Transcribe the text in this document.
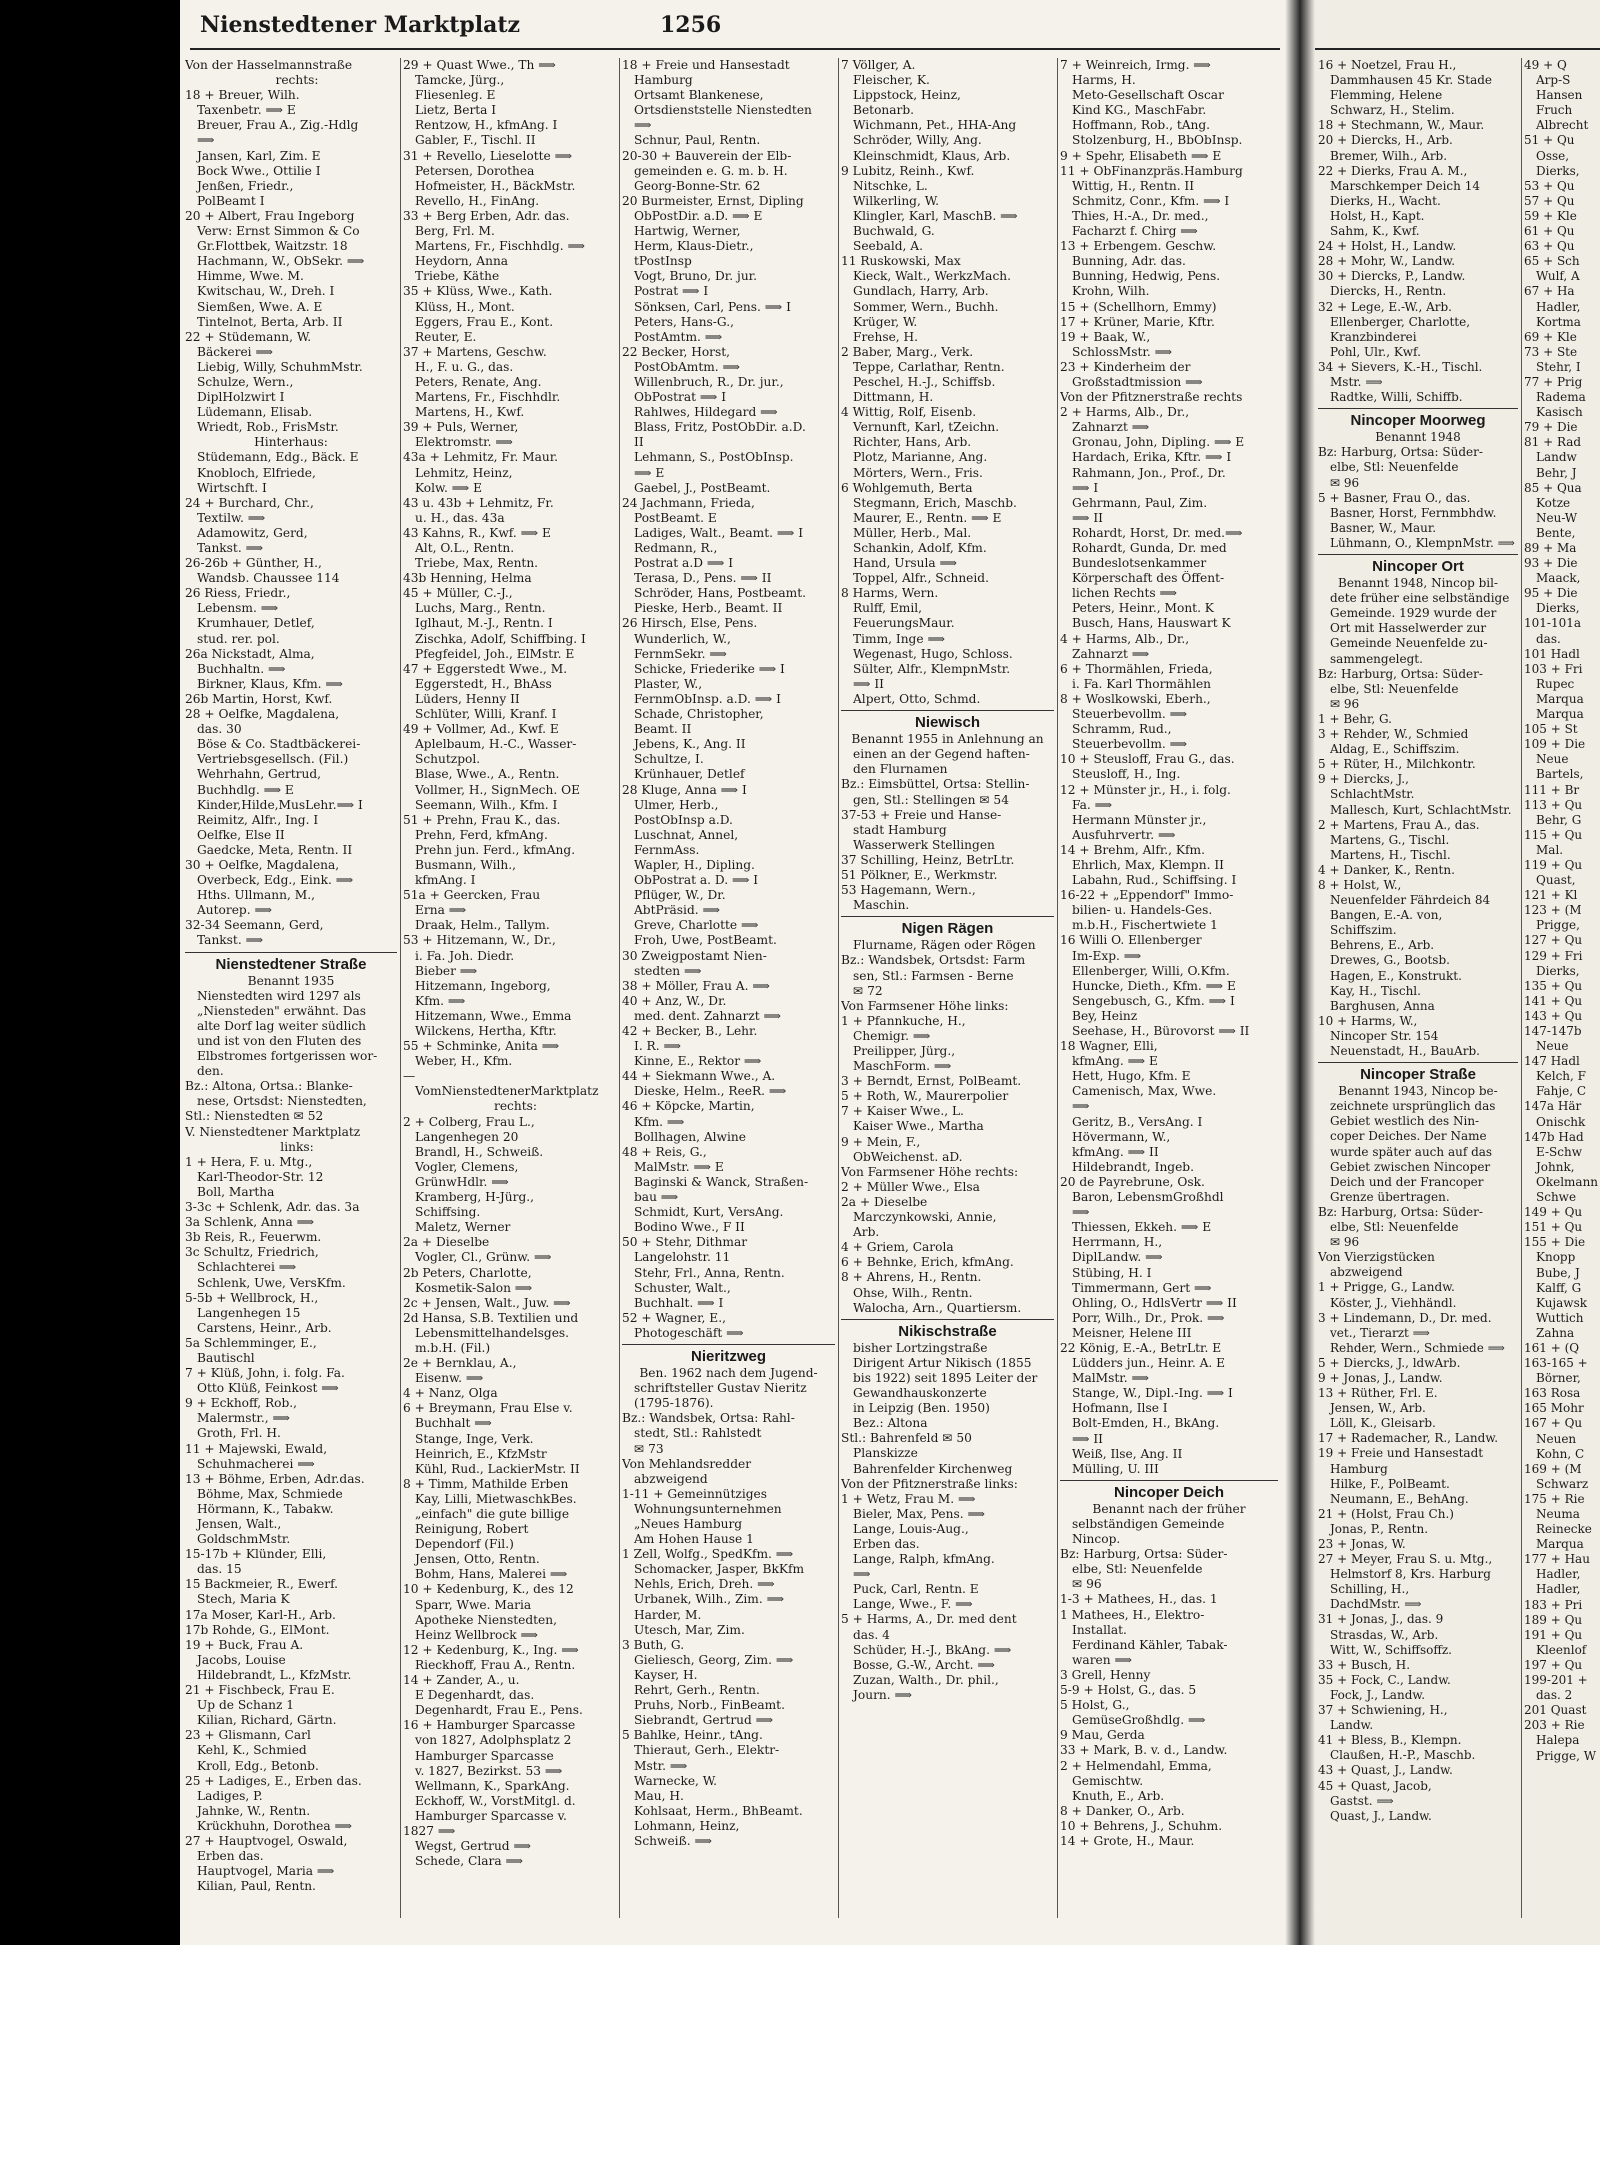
Nienstedtener Marktplatz	1256
Von der Hasselmannstraße
rechts:
18 + Breuer, Wilh.
Taxenbetr. ⟹ E
Breuer, Frau A., Zig.-Hdlg
⟹
Jansen, Karl, Zim. E
Bock Wwe., Ottilie I
Jenßen, Friedr.,
PolBeamt I
20 + Albert, Frau Ingeborg
Verw: Ernst Simmon & Co
Gr.Flottbek, Waitzstr. 18
Hachmann, W., ObSekr. ⟹
Himme, Wwe. M.
Kwitschau, W., Dreh. I
Siemßen, Wwe. A. E
Tintelnot, Berta, Arb. II
22 + Stüdemann, W.
Bäckerei ⟹
Liebig, Willy, SchuhmMstr.
Schulze, Wern.,
DiplHolzwirt I
Lüdemann, Elisab.
Wriedt, Rob., FrisMstr.
Hinterhaus:
Stüdemann, Edg., Bäck. E
Knobloch, Elfriede,
Wirtschft. I
24 + Burchard, Chr.,
Textilw. ⟹
Adamowitz, Gerd,
Tankst. ⟹
26-26b + Günther, H.,
Wandsb. Chaussee 114
26 Riess, Friedr.,
Lebensm. ⟹
Krumhauer, Detlef,
stud. rer. pol.
26a Nickstadt, Alma,
Buchhaltn. ⟹
Birkner, Klaus, Kfm. ⟹
26b Martin, Horst, Kwf.
28 + Oelfke, Magdalena,
das. 30
Böse & Co. Stadtbäckerei-
Vertriebsgesellsch. (Fil.)
Wehrhahn, Gertrud,
Buchhdlg. ⟹ E
Kinder,Hilde,MusLehr.⟹ I
Reimitz, Alfr., Ing. I
Oelfke, Else II
Gaedcke, Meta, Rentn. II
30 + Oelfke, Magdalena,
Overbeck, Edg., Eink. ⟹
Hths. Ullmann, M.,
Autorep. ⟹
32-34 Seemann, Gerd,
Tankst. ⟹
Nienstedtener Straße
Benannt 1935
Nienstedten wird 1297 als
„Niensteden" erwähnt. Das
alte Dorf lag weiter südlich
und ist von den Fluten des
Elbstromes fortgerissen wor-
den.
Bz.: Altona, Ortsa.: Blanke-
nese, Ortsdst: Nienstedten,
Stl.: Nienstedten ✉ 52
V. Nienstedtener Marktplatz
links:
1 + Hera, F. u. Mtg.,
Karl-Theodor-Str. 12
Boll, Martha
3-3c + Schlenk, Adr. das. 3a
3a Schlenk, Anna ⟹
3b Reis, R., Feuerwm.
3c Schultz, Friedrich,
Schlachterei ⟹
Schlenk, Uwe, VersKfm.
5-5b + Wellbrock, H.,
Langenhegen 15
Carstens, Heinr., Arb.
5a Schlemminger, E.,
Bautischl
7 + Klüß, John, i. folg. Fa.
Otto Klüß, Feinkost ⟹
9 + Eckhoff, Rob.,
Malermstr., ⟹
Groth, Frl. H.
11 + Majewski, Ewald,
Schuhmacherei ⟹
13 + Böhme, Erben, Adr.das.
Böhme, Max, Schmiede
Hörmann, K., Tabakw.
Jensen, Walt.,
GoldschmMstr.
15-17b + Klünder, Elli,
das. 15
15 Backmeier, R., Ewerf.
Stech, Maria K
17a Moser, Karl-H., Arb.
17b Rohde, G., ElMont.
19 + Buck, Frau A.
Jacobs, Louise
Hildebrandt, L., KfzMstr.
21 + Fischbeck, Frau E.
Up de Schanz 1
Kilian, Richard, Gärtn.
23 + Glismann, Carl
Kehl, K., Schmied
Kroll, Edg., Betonb.
25 + Ladiges, E., Erben das.
Ladiges, P.
Jahnke, W., Rentn.
Krückhuhn, Dorothea ⟹
27 + Hauptvogel, Oswald,
Erben das.
Hauptvogel, Maria ⟹
Kilian, Paul, Rentn.
29 + Quast Wwe., Th ⟹
Tamcke, Jürg.,
Fliesenleg. E
Lietz, Berta I
Rentzow, H., kfmAng. I
Gabler, F., Tischl. II
31 + Revello, Lieselotte ⟹
Petersen, Dorothea
Hofmeister, H., BäckMstr.
Revello, H., FinAng.
33 + Berg Erben, Adr. das.
Berg, Frl. M.
Martens, Fr., Fischhdlg. ⟹
Heydorn, Anna
Triebe, Käthe
35 + Klüss, Wwe., Kath.
Klüss, H., Mont.
Eggers, Frau E., Kont.
Reuter, E.
37 + Martens, Geschw.
H., F. u. G., das.
Peters, Renate, Ang.
Martens, Fr., Fischhdlr.
Martens, H., Kwf.
39 + Puls, Werner,
Elektromstr. ⟹
43a + Lehmitz, Fr. Maur.
Lehmitz, Heinz,
Kolw. ⟹ E
43 u. 43b + Lehmitz, Fr.
u. H., das. 43a
43 Kahns, R., Kwf. ⟹ E
Alt, O.L., Rentn.
Triebe, Max, Rentn.
43b Henning, Helma
45 + Müller, C.-J.,
Luchs, Marg., Rentn.
Iglhaut, M.-J., Rentn. I
Zischka, Adolf, Schiffbing. I
Pfegfeidel, Joh., ElMstr. E
47 + Eggerstedt Wwe., M.
Eggerstedt, H., BhAss
Lüders, Henny II
Schlüter, Willi, Kranf. I
49 + Vollmer, Ad., Kwf. E
Aplelbaum, H.-C., Wasser-
Schutzpol.
Blase, Wwe., A., Rentn.
Vollmer, H., SignMech. OE
Seemann, Wilh., Kfm. I
51 + Prehn, Frau K., das.
Prehn, Ferd, kfmAng.
Prehn jun. Ferd., kfmAng.
Busmann, Wilh.,
kfmAng. I
51a + Geercken, Frau
Erna ⟹
Draak, Helm., Tallym.
53 + Hitzemann, W., Dr.,
i. Fa. Joh. Diedr.
Bieber ⟹
Hitzemann, Ingeborg,
Kfm. ⟹
Hitzemann, Wwe., Emma
Wilckens, Hertha, Kftr.
55 + Schminke, Anita ⟹
Weber, H., Kfm.
—
VomNienstedtenerMarktplatz
rechts:
2 + Colberg, Frau L.,
Langenhegen 20
Brandl, H., Schweiß.
Vogler, Clemens,
GrünwHdlr. ⟹
Kramberg, H-Jürg.,
Schiffsing.
Maletz, Werner
2a + Dieselbe
Vogler, Cl., Grünw. ⟹
2b Peters, Charlotte,
Kosmetik-Salon ⟹
2c + Jensen, Walt., Juw. ⟹
2d Hansa, S.B. Textilien und
Lebensmittelhandelsges.
m.b.H. (Fil.)
2e + Bernklau, A.,
Eisenw. ⟹
4 + Nanz, Olga
6 + Breymann, Frau Else v.
Buchhalt ⟹
Stange, Inge, Verk.
Heinrich, E., KfzMstr
Kühl, Rud., LackierMstr. II
8 + Timm, Mathilde Erben
Kay, Lilli, MietwaschkBes.
„einfach" die gute billige
Reinigung, Robert
Dependorf (Fil.)
Jensen, Otto, Rentn.
Bohm, Hans, Malerei ⟹
10 + Kedenburg, K., des 12
Sparr, Wwe. Maria
Apotheke Nienstedten,
Heinz Wellbrock ⟹
12 + Kedenburg, K., Ing. ⟹
Rieckhoff, Frau A., Rentn.
14 + Zander, A., u.
E Degenhardt, das.
Degenhardt, Frau E., Pens.
16 + Hamburger Sparcasse
von 1827, Adolphsplatz 2
Hamburger Sparcasse
v. 1827, Bezirkst. 53 ⟹
Wellmann, K., SparkAng.
Eckhoff, W., VorstMitgl. d.
Hamburger Sparcasse v.
1827 ⟹
Wegst, Gertrud ⟹
Schede, Clara ⟹
18 + Freie und Hansestadt
Hamburg
Ortsamt Blankenese,
Ortsdienststelle Nienstedten
⟹
Schnur, Paul, Rentn.
20-30 + Bauverein der Elb-
gemeinden e. G. m. b. H.
Georg-Bonne-Str. 62
20 Burmeister, Ernst, Dipling
ObPostDir. a.D. ⟹ E
Hartwig, Werner,
Herm, Klaus-Dietr.,
tPostInsp
Vogt, Bruno, Dr. jur.
Postrat ⟹ I
Sönksen, Carl, Pens. ⟹ I
Peters, Hans-G.,
PostAmtm. ⟹
22 Becker, Horst,
PostObAmtm. ⟹
Willenbruch, R., Dr. jur.,
ObPostrat ⟹ I
Rahlwes, Hildegard ⟹
Blass, Fritz, PostObDir. a.D.
II
Lehmann, S., PostObInsp.
⟹ E
Gaebel, J., PostBeamt.
24 Jachmann, Frieda,
PostBeamt. E
Ladiges, Walt., Beamt. ⟹ I
Redmann, R.,
Postrat a.D ⟹ I
Terasa, D., Pens. ⟹ II
Schröder, Hans, Postbeamt.
Pieske, Herb., Beamt. II
26 Hirsch, Else, Pens.
Wunderlich, W.,
FernmSekr. ⟹
Schicke, Friederike ⟹ I
Plaster, W.,
FernmObInsp. a.D. ⟹ I
Schade, Christopher,
Beamt. II
Jebens, K., Ang. II
Schultze, I.
Krünhauer, Detlef
28 Kluge, Anna ⟹ I
Ulmer, Herb.,
PostObInsp a.D.
Luschnat, Annel,
FernmAss.
Wapler, H., Dipling.
ObPostrat a. D. ⟹ I
Pflüger, W., Dr.
AbtPräsid. ⟹
Greve, Charlotte ⟹
Froh, Uwe, PostBeamt.
30 Zweigpostamt Nien-
stedten ⟹
38 + Möller, Frau A. ⟹
40 + Anz, W., Dr.
med. dent. Zahnarzt ⟹
42 + Becker, B., Lehr.
I. R. ⟹
Kinne, E., Rektor ⟹
44 + Siekmann Wwe., A.
Dieske, Helm., ReeR. ⟹
46 + Köpcke, Martin,
Kfm. ⟹
Bollhagen, Alwine
48 + Reis, G.,
MalMstr. ⟹ E
Baginski & Wanck, Straßen-
bau ⟹
Schmidt, Kurt, VersAng.
Bodino Wwe., F II
50 + Stehr, Dithmar
Langelohstr. 11
Stehr, Frl., Anna, Rentn.
Schuster, Walt.,
Buchhalt. ⟹ I
52 + Wagner, E.,
Photogeschäft ⟹
Nieritzweg
Ben. 1962 nach dem Jugend-
schriftsteller Gustav Nieritz
(1795-1876).
Bz.: Wandsbek, Ortsa: Rahl-
stedt, Stl.: Rahlstedt
✉ 73
Von Mehlandsredder
abzweigend
1-11 + Gemeinnütziges
Wohnungsunternehmen
„Neues Hamburg
Am Hohen Hause 1
1 Zell, Wolfg., SpedKfm. ⟹
Schomacker, Jasper, BkKfm
Nehls, Erich, Dreh. ⟹
Urbanek, Wilh., Zim. ⟹
Harder, M.
Utesch, Mar, Zim.
3 Buth, G.
Gieliesch, Georg, Zim. ⟹
Kayser, H.
Rehrt, Gerh., Rentn.
Pruhs, Norb., FinBeamt.
Siebrandt, Gertrud ⟹
5 Bahlke, Heinr., tAng.
Thieraut, Gerh., Elektr-
Mstr. ⟹
Warnecke, W.
Mau, H.
Kohlsaat, Herm., BhBeamt.
Lohmann, Heinz,
Schweiß. ⟹
7 Völlger, A.
Fleischer, K.
Lippstock, Heinz,
Betonarb.
Wichmann, Pet., HHA-Ang
Schröder, Willy, Ang.
Kleinschmidt, Klaus, Arb.
9 Lubitz, Reinh., Kwf.
Nitschke, L.
Wilkerling, W.
Klingler, Karl, MaschB. ⟹
Buchwald, G.
Seebald, A.
11 Ruskowski, Max
Kieck, Walt., WerkzMach.
Gundlach, Harry, Arb.
Sommer, Wern., Buchh.
Krüger, W.
Frehse, H.
2 Baber, Marg., Verk.
Teppe, Carlathar, Rentn.
Peschel, H.-J., Schiffsb.
Dittmann, H.
4 Wittig, Rolf, Eisenb.
Vernunft, Karl, tZeichn.
Richter, Hans, Arb.
Plotz, Marianne, Ang.
Mörters, Wern., Fris.
6 Wohlgemuth, Berta
Stegmann, Erich, Maschb.
Maurer, E., Rentn. ⟹ E
Müller, Herb., Mal.
Schankin, Adolf, Kfm.
Hand, Ursula ⟹
Toppel, Alfr., Schneid.
8 Harms, Wern.
Rulff, Emil,
FeuerungsMaur.
Timm, Inge ⟹
Wegenast, Hugo, Schloss.
Sülter, Alfr., KlempnMstr.
⟹ II
Alpert, Otto, Schmd.
Niewisch
Benannt 1955 in Anlehnung an
einen an der Gegend haften-
den Flurnamen
Bz.: Eimsbüttel, Ortsa: Stellin-
gen, Stl.: Stellingen ✉ 54
37-53 + Freie und Hanse-
stadt Hamburg
Wasserwerk Stellingen
37 Schilling, Heinz, BetrLtr.
51 Pölkner, E., Werkmstr.
53 Hagemann, Wern.,
Maschin.
Nigen Rägen
Flurname, Rägen oder Rögen
Bz.: Wandsbek, Ortsdst: Farm
sen, Stl.: Farmsen - Berne
✉ 72
Von Farmsener Höhe links:
1 + Pfannkuche, H.,
Chemigr. ⟹
Preilipper, Jürg.,
MaschForm. ⟹
3 + Berndt, Ernst, PolBeamt.
5 + Roth, W., Maurerpolier
7 + Kaiser Wwe., L.
Kaiser Wwe., Martha
9 + Mein, F.,
ObWeichenst. aD.
Von Farmsener Höhe rechts:
2 + Müller Wwe., Elsa
2a + Dieselbe
Marczynkowski, Annie,
Arb.
4 + Griem, Carola
6 + Behnke, Erich, kfmAng.
8 + Ahrens, H., Rentn.
Ohse, Wilh., Rentn.
Walocha, Arn., Quartiersm.
Nikischstraße
bisher Lortzingstraße
Dirigent Artur Nikisch (1855
bis 1922) seit 1895 Leiter der
Gewandhauskonzerte
in Leipzig (Ben. 1950)
Bez.: Altona
Stl.: Bahrenfeld ✉ 50
Planskizze
Bahrenfelder Kirchenweg
Von der Pfitznerstraße links:
1 + Wetz, Frau M. ⟹
Bieler, Max, Pens. ⟹
Lange, Louis-Aug.,
Erben das.
Lange, Ralph, kfmAng.
⟹
Puck, Carl, Rentn. E
Lange, Wwe., F. ⟹
5 + Harms, A., Dr. med dent
das. 4
Schüder, H.-J., BkAng. ⟹
Bosse, G.-W., Archt. ⟹
Zuzan, Walth., Dr. phil.,
Journ. ⟹
7 + Weinreich, Irmg. ⟹
Harms, H.
Meto-Gesellschaft Oscar
Kind KG., MaschFabr.
Hoffmann, Rob., tAng.
Stolzenburg, H., BbObInsp.
9 + Spehr, Elisabeth ⟹ E
11 + ObFinanzpräs.Hamburg
Wittig, H., Rentn. II
Schmitz, Conr., Kfm. ⟹ I
Thies, H.-A., Dr. med.,
Facharzt f. Chirg ⟹
13 + Erbengem. Geschw.
Bunning, Adr. das.
Bunning, Hedwig, Pens.
Krohn, Wilh.
15 + (Schellhorn, Emmy)
17 + Krüner, Marie, Kftr.
19 + Baak, W.,
SchlossMstr. ⟹
23 + Kinderheim der
Großstadtmission ⟹
Von der Pfitznerstraße rechts
2 + Harms, Alb., Dr.,
Zahnarzt ⟹
Gronau, John, Dipling. ⟹ E
Hardach, Erika, Kftr. ⟹ I
Rahmann, Jon., Prof., Dr.
⟹ I
Gehrmann, Paul, Zim.
⟹ II
Rohardt, Horst, Dr. med.⟹
Rohardt, Gunda, Dr. med
Bundeslotsenkammer
Körperschaft des Öffent-
lichen Rechts ⟹
Peters, Heinr., Mont. K
Busch, Hans, Hauswart K
4 + Harms, Alb., Dr.,
Zahnarzt ⟹
6 + Thormählen, Frieda,
i. Fa. Karl Thormählen
8 + Woslkowski, Eberh.,
Steuerbevollm. ⟹
Schramm, Rud.,
Steuerbevollm. ⟹
10 + Steusloff, Frau G., das.
Steusloff, H., Ing.
12 + Münster jr., H., i. folg.
Fa. ⟹
Hermann Münster jr.,
Ausfuhrvertr. ⟹
14 + Brehm, Alfr., Kfm.
Ehrlich, Max, Klempn. II
Labahn, Rud., Schiffsing. I
16-22 + „Eppendorf" Immo-
bilien- u. Handels-Ges.
m.b.H., Fischertwiete 1
16 Willi O. Ellenberger
Im-Exp. ⟹
Ellenberger, Willi, O.Kfm.
Huncke, Dieth., Kfm. ⟹ E
Sengebusch, G., Kfm. ⟹ I
Bey, Heinz
Seehase, H., Bürovorst ⟹ II
18 Wagner, Elli,
kfmAng. ⟹ E
Hett, Hugo, Kfm. E
Camenisch, Max, Wwe.
⟹
Geritz, B., VersAng. I
Hövermann, W.,
kfmAng. ⟹ II
Hildebrandt, Ingeb.
20 de Payrebrune, Osk.
Baron, LebensmGroßhdl
⟹
Thiessen, Ekkeh. ⟹ E
Herrmann, H.,
DiplLandw. ⟹
Stübing, H. I
Timmermann, Gert ⟹
Ohling, O., HdlsVertr ⟹ II
Porr, Wilh., Dr., Prok. ⟹
Meisner, Helene III
22 König, E.-A., BetrLtr. E
Lüdders jun., Heinr. A. E
MalMstr. ⟹
Stange, W., Dipl.-Ing. ⟹ I
Hofmann, Ilse I
Bolt-Emden, H., BkAng.
⟹ II
Weiß, Ilse, Ang. II
Mülling, U. III
Nincoper Deich
Benannt nach der früher
selbständigen Gemeinde
Nincop.
Bz: Harburg, Ortsa: Süder-
elbe, Stl: Neuenfelde
✉ 96
1-3 + Mathees, H., das. 1
1 Mathees, H., Elektro-
Installat.
Ferdinand Kähler, Tabak-
waren ⟹
3 Grell, Henny
5-9 + Holst, G., das. 5
5 Holst, G.,
GemüseGroßhdlg. ⟹
9 Mau, Gerda
33 + Mark, B. v. d., Landw.
2 + Helmendahl, Emma,
Gemischtw.
Knuth, E., Arb.
8 + Danker, O., Arb.
10 + Behrens, J., Schuhm.
14 + Grote, H., Maur.
16 + Noetzel, Frau H.,
Dammhausen 45 Kr. Stade
Flemming, Helene
Schwarz, H., Stelim.
18 + Stechmann, W., Maur.
20 + Diercks, H., Arb.
Bremer, Wilh., Arb.
22 + Dierks, Frau A. M.,
Marschkemper Deich 14
Dierks, H., Wacht.
Holst, H., Kapt.
Sahm, K., Kwf.
24 + Holst, H., Landw.
28 + Mohr, W., Landw.
30 + Diercks, P., Landw.
Diercks, H., Rentn.
32 + Lege, E.-W., Arb.
Ellenberger, Charlotte,
Kranzbinderei
Pohl, Ulr., Kwf.
34 + Sievers, K.-H., Tischl.
Mstr. ⟹
Radtke, Willi, Schiffb.
Nincoper Moorweg
Benannt 1948
Bz: Harburg, Ortsa: Süder-
elbe, Stl: Neuenfelde
✉ 96
5 + Basner, Frau O., das.
Basner, Horst, Fernmbhdw.
Basner, W., Maur.
Lühmann, O., KlempnMstr. ⟹
Nincoper Ort
Benannt 1948, Nincop bil-
dete früher eine selbständige
Gemeinde. 1929 wurde der
Ort mit Hasselwerder zur
Gemeinde Neuenfelde zu-
sammengelegt.
Bz: Harburg, Ortsa: Süder-
elbe, Stl: Neuenfelde
✉ 96
1 + Behr, G.
3 + Rehder, W., Schmied
Aldag, E., Schiffszim.
5 + Rüter, H., Milchkontr.
9 + Diercks, J.,
SchlachtMstr.
Mallesch, Kurt, SchlachtMstr.
2 + Martens, Frau A., das.
Martens, G., Tischl.
Martens, H., Tischl.
4 + Danker, K., Rentn.
8 + Holst, W.,
Neuenfelder Fährdeich 84
Bangen, E.-A. von,
Schiffszim.
Behrens, E., Arb.
Drewes, G., Bootsb.
Hagen, E., Konstrukt.
Kay, H., Tischl.
Barghusen, Anna
10 + Harms, W.,
Nincoper Str. 154
Neuenstadt, H., BauArb.
Nincoper Straße
Benannt 1943, Nincop be-
zeichnete ursprünglich das
Gebiet westlich des Nin-
coper Deiches. Der Name
wurde später auch auf das
Gebiet zwischen Nincoper
Deich und der Francoper
Grenze übertragen.
Bz: Harburg, Ortsa: Süder-
elbe, Stl: Neuenfelde
✉ 96
Von Vierzigstücken
abzweigend
1 + Prigge, G., Landw.
Köster, J., Viehhändl.
3 + Lindemann, D., Dr. med.
vet., Tierarzt ⟹
Rehder, Wern., Schmiede ⟹
5 + Diercks, J., ldwArb.
9 + Jonas, J., Landw.
13 + Rüther, Frl. E.
Jensen, W., Arb.
Löll, K., Gleisarb.
17 + Rademacher, R., Landw.
19 + Freie und Hansestadt
Hamburg
Hilke, F., PolBeamt.
Neumann, E., BehAng.
21 + (Holst, Frau Ch.)
Jonas, P., Rentn.
23 + Jonas, W.
27 + Meyer, Frau S. u. Mtg.,
Helmstorf 8, Krs. Harburg
Schilling, H.,
DachdMstr. ⟹
31 + Jonas, J., das. 9
Strasdas, W., Arb.
Witt, W., Schiffsoffz.
33 + Busch, H.
35 + Fock, C., Landw.
Fock, J., Landw.
37 + Schwiening, H.,
Landw.
41 + Bless, B., Klempn.
Claußen, H.-P., Maschb.
43 + Quast, J., Landw.
45 + Quast, Jacob,
Gastst. ⟹
Quast, J., Landw.
49 + Q
Arp-S
Hansen
Fruch
Albrecht
51 + Qu
Osse,
Dierks,
53 + Qu
57 + Qu
59 + Kle
61 + Qu
63 + Qu
65 + Sch
Wulf, A
67 + Ha
Hadler,
Kortma
69 + Kle
73 + Ste
Stehr, I
77 + Prig
Radema
Kasisch
79 + Die
81 + Rad
Landw
Behr, J
85 + Qua
Kotze
Neu-W
Bente,
89 + Ma
93 + Die
Maack,
95 + Die
Dierks,
101-101a
das.
101 Hadl
103 + Fri
Rupec
Marqua
Marqua
105 + St
109 + Die
Neue
Bartels,
111 + Br
113 + Qu
Behr, G
115 + Qu
Mal.
119 + Qu
Quast,
121 + Kl
123 + (M
Prigge,
127 + Qu
129 + Fri
Dierks,
135 + Qu
141 + Qu
143 + Qu
147-147b
Neue
147 Hadl
Kelch, F
Fahje, C
147a Här
Onischk
147b Had
E-Schw
Johnk,
Okelmann
Schwe
149 + Qu
151 + Qu
155 + Die
Knopp
Bube, J
Kalff, G
Kujawsk
Wuttich
Zahna
161 + (Q
163-165 +
Börner,
163 Rosa
165 Mohr
167 + Qu
Neuen
Kohn, C
169 + (M
Schwarz
175 + Rie
Neuma
Reinecke
Marqua
177 + Hau
Hadler,
Hadler,
183 + Pri
189 + Qu
191 + Qu
Kleenlof
197 + Qu
199-201 +
das. 2
201 Quast
203 + Rie
Halepa
Prigge, W
